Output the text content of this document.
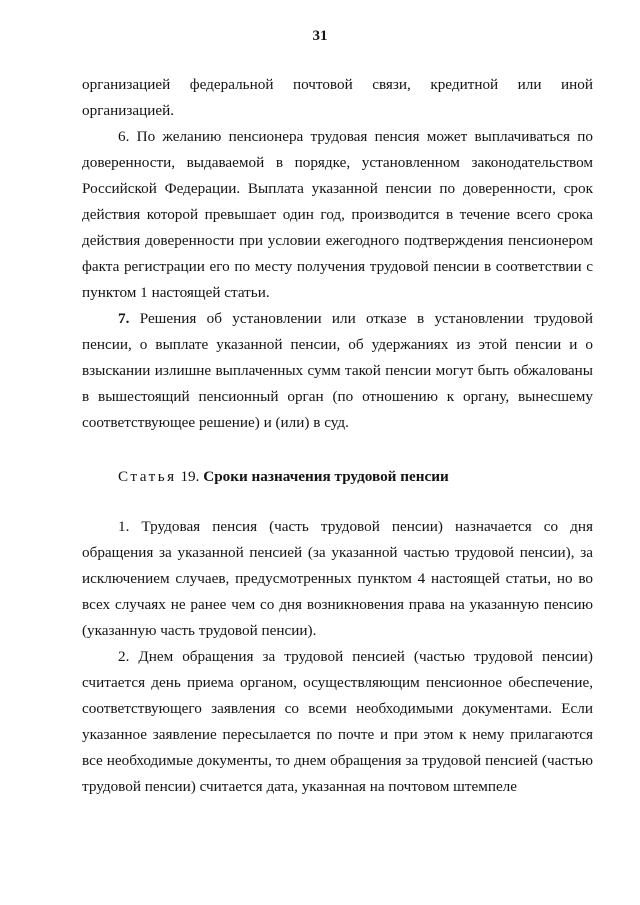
31

организацией федеральной почтовой связи, кредитной или иной организацией.

6. По желанию пенсионера трудовая пенсия может выплачиваться по доверенности, выдаваемой в порядке, установленном законодательством Российской Федерации. Выплата указанной пенсии по доверенности, срок действия которой превышает один год, производится в течение всего срока действия доверенности при условии ежегодного подтверждения пенсионером факта регистрации его по месту получения трудовой пенсии в соответствии с пунктом 1 настоящей статьи.

7. Решения об установлении или отказе в установлении трудовой пенсии, о выплате указанной пенсии, об удержаниях из этой пенсии и о взыскании излишне выплаченных сумм такой пенсии могут быть обжалованы в вышестоящий пенсионный орган (по отношению к органу, вынесшему соответствующее решение) и (или) в суд.

Статья 19. Сроки назначения трудовой пенсии

1. Трудовая пенсия (часть трудовой пенсии) назначается со дня обращения за указанной пенсией (за указанной частью трудовой пенсии), за исключением случаев, предусмотренных пунктом 4 настоящей статьи, но во всех случаях не ранее чем со дня возникновения права на указанную пенсию (указанную часть трудовой пенсии).

2. Днем обращения за трудовой пенсией (частью трудовой пенсии) считается день приема органом, осуществляющим пенсионное обеспечение, соответствующего заявления со всеми необходимыми документами. Если указанное заявление пересылается по почте и при этом к нему прилагаются все необходимые документы, то днем обращения за трудовой пенсией (частью трудовой пенсии) считается дата, указанная на почтовом штемпеле
